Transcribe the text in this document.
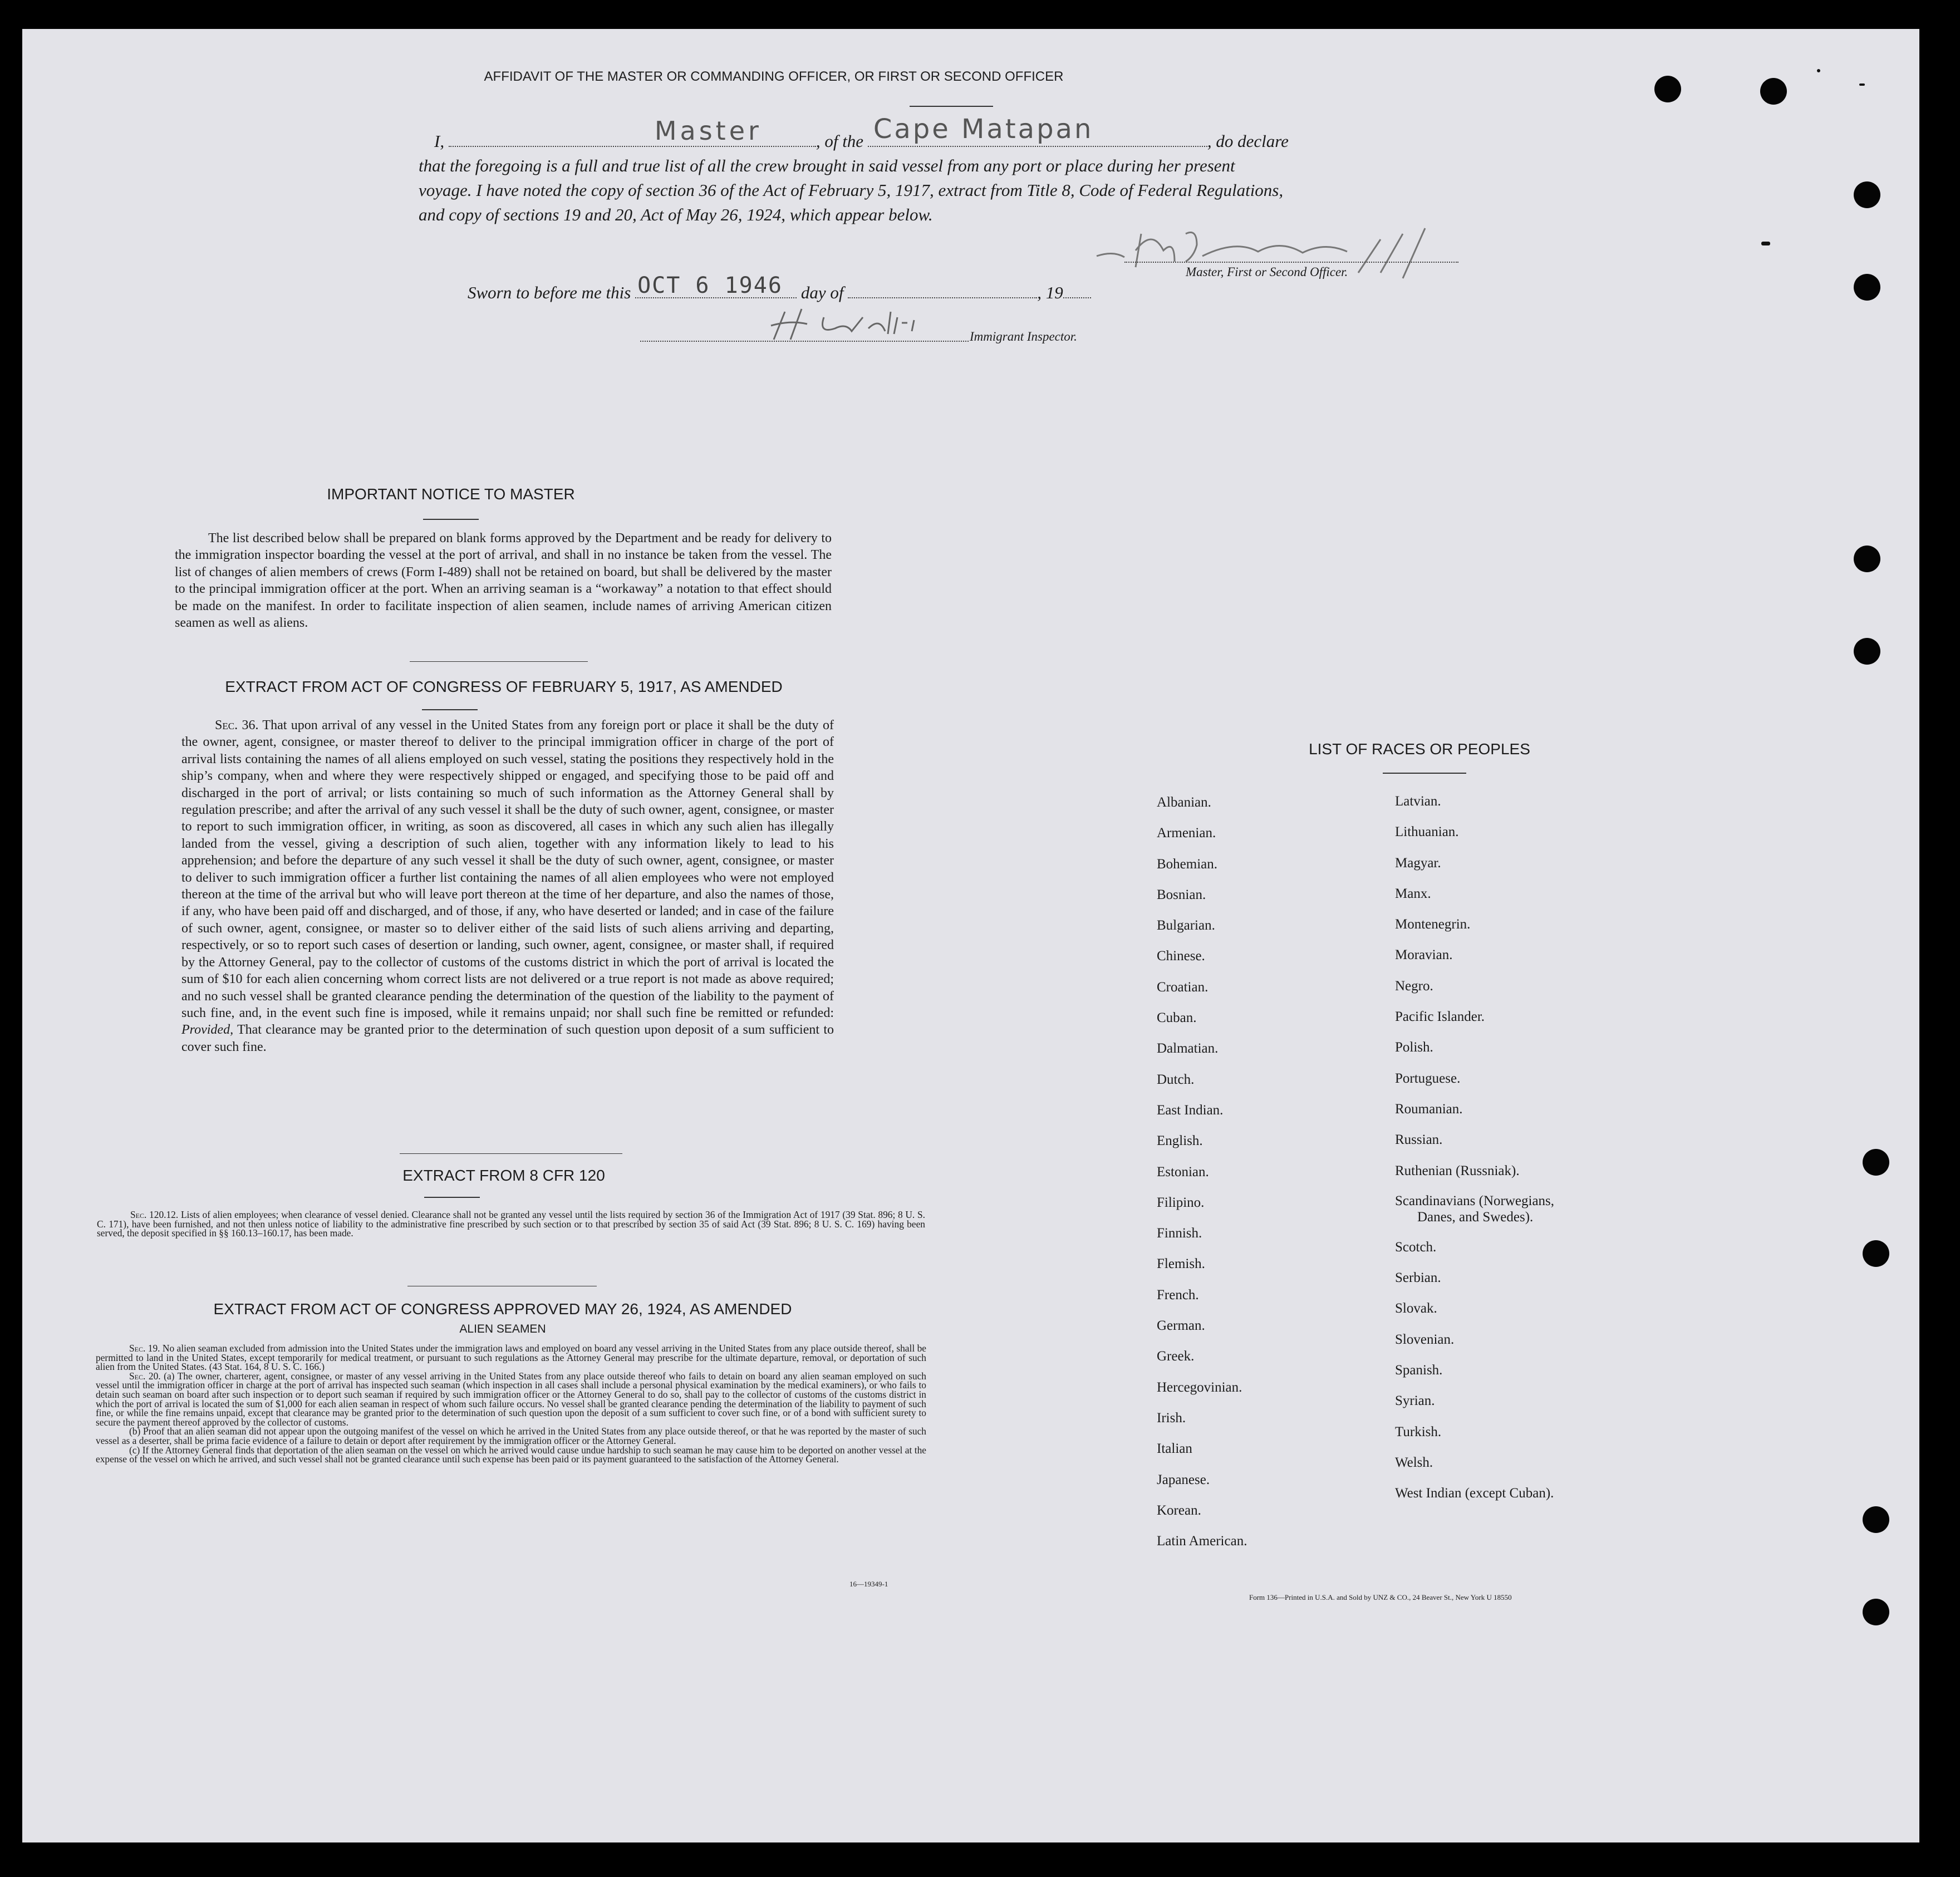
AFFIDAVIT OF THE MASTER OR COMMANDING OFFICER, OR FIRST OR SECOND OFFICER
I,	Master	, of the Cape Matapan	, do declare
that the foregoing is a full and true list of all the crew brought in said vessel from any port or place during her present
voyage. I have noted the copy of section 36 of the Act of February 5, 1917, extract from Title 8, Code of Federal Regulations,
and copy of sections 19 and 20, Act of May 26, 1924, which appear below.
Master, First or Second Officer.
Sworn to before me this OCT 6 1946 day of	, 19
Immigrant Inspector.
IMPORTANT NOTICE TO MASTER

The list described below shall be prepared on blank forms approved by the Department and be ready for delivery to the immigration inspector boarding the vessel at the port of arrival, and shall in no instance be taken from the vessel. The list of changes of alien members of crews (Form I-489) shall not be retained on board, but shall be delivered by the master to the principal immigration officer at the port. When an arriving seaman is a “workaway” a notation to that effect should be made on the manifest. In order to facilitate inspection of alien seamen, include names of arriving American citizen seamen as well as aliens.

EXTRACT FROM ACT OF CONGRESS OF FEBRUARY 5, 1917, AS AMENDED

Sec. 36. That upon arrival of any vessel in the United States from any foreign port or place it shall be the duty of the owner, agent, consignee, or master thereof to deliver to the principal immigration officer in charge of the port of arrival lists containing the names of all aliens employed on such vessel, stating the positions they respectively hold in the ship’s company, when and where they were respectively shipped or engaged, and specifying those to be paid off and discharged in the port of arrival; or lists containing so much of such information as the Attorney General shall by regulation prescribe; and after the arrival of any such vessel it shall be the duty of such owner, agent, consignee, or master to report to such immigration officer, in writing, as soon as discovered, all cases in which any such alien has illegally landed from the vessel, giving a description of such alien, together with any information likely to lead to his apprehension; and before the departure of any such vessel it shall be the duty of such owner, agent, consignee, or master to deliver to such immigration officer a further list containing the names of all alien employees who were not employed thereon at the time of the arrival but who will leave port thereon at the time of her departure, and also the names of those, if any, who have been paid off and discharged, and of those, if any, who have deserted or landed; and in case of the failure of such owner, agent, consignee, or master so to deliver either of the said lists of such aliens arriving and departing, respectively, or so to report such cases of desertion or landing, such owner, agent, consignee, or master shall, if required by the Attorney General, pay to the collector of customs of the customs district in which the port of arrival is located the sum of $10 for each alien concerning whom correct lists are not delivered or a true report is not made as above required; and no such vessel shall be granted clearance pending the determination of the question of the liability to the payment of such fine, and, in the event such fine is imposed, while it remains unpaid; nor shall such fine be remitted or refunded: Provided, That clearance may be granted prior to the determination of such question upon deposit of a sum sufficient to cover such fine.

EXTRACT FROM 8 CFR 120

Sec. 120.12. Lists of alien employees; when clearance of vessel denied. Clearance shall not be granted any vessel until the lists required by section 36 of the Immigration Act of 1917 (39 Stat. 896; 8 U. S. C. 171), have been furnished, and not then unless notice of liability to the administrative fine prescribed by such section or to that prescribed by section 35 of said Act (39 Stat. 896; 8 U. S. C. 169) having been served, the deposit specified in §§ 160.13–160.17, has been made.

EXTRACT FROM ACT OF CONGRESS APPROVED MAY 26, 1924, AS AMENDED
ALIEN SEAMEN

Sec. 19. No alien seaman excluded from admission into the United States under the immigration laws and employed on board any vessel arriving in the United States from any place outside thereof, shall be permitted to land in the United States, except temporarily for medical treatment, or pursuant to such regulations as the Attorney General may prescribe for the ultimate departure, removal, or deportation of such alien from the United States. (43 Stat. 164, 8 U. S. C. 166.)

Sec. 20. (a) The owner, charterer, agent, consignee, or master of any vessel arriving in the United States from any place outside thereof who fails to detain on board any alien seaman employed on such vessel until the immigration officer in charge at the port of arrival has inspected such seaman (which inspection in all cases shall include a personal physical examination by the medical examiners), or who fails to detain such seaman on board after such inspection or to deport such seaman if required by such immigration officer or the Attorney General to do so, shall pay to the collector of customs of the customs district in which the port of arrival is located the sum of $1,000 for each alien seaman in respect of whom such failure occurs. No vessel shall be granted clearance pending the determination of the liability to payment of such fine, or while the fine remains unpaid, except that clearance may be granted prior to the determination of such question upon the deposit of a sum sufficient to cover such fine, or of a bond with sufficient surety to secure the payment thereof approved by the collector of customs.

(b) Proof that an alien seaman did not appear upon the outgoing manifest of the vessel on which he arrived in the United States from any place outside thereof, or that he was reported by the master of such vessel as a deserter, shall be prima facie evidence of a failure to detain or deport after requirement by the immigration officer or the Attorney General.

(c) If the Attorney General finds that deportation of the alien seaman on the vessel on which he arrived would cause undue hardship to such seaman he may cause him to be deported on another vessel at the expense of the vessel on which he arrived, and such vessel shall not be granted clearance until such expense has been paid or its payment guaranteed to the satisfaction of the Attorney General.

16—19349-1
LIST OF RACES OR PEOPLES
Albanian.
Armenian.
Bohemian.
Bosnian.
Bulgarian.
Chinese.
Croatian.
Cuban.
Dalmatian.
Dutch.
East Indian.
English.
Estonian.
Filipino.
Finnish.
Flemish.
French.
German.
Greek.
Hercegovinian.
Irish.
Italian
Japanese.
Korean.
Latin American.
Latvian.
Lithuanian.
Magyar.
Manx.
Montenegrin.
Moravian.
Negro.
Pacific Islander.
Polish.
Portuguese.
Roumanian.
Russian.
Ruthenian (Russniak).
Scandinavians (Norwegians,
Danes, and Swedes).
Scotch.
Serbian.
Slovak.
Slovenian.
Spanish.
Syrian.
Turkish.
Welsh.
West Indian (except Cuban).
Form 136—Printed in U.S.A. and Sold by UNZ & CO., 24 Beaver St., New York U 18550
